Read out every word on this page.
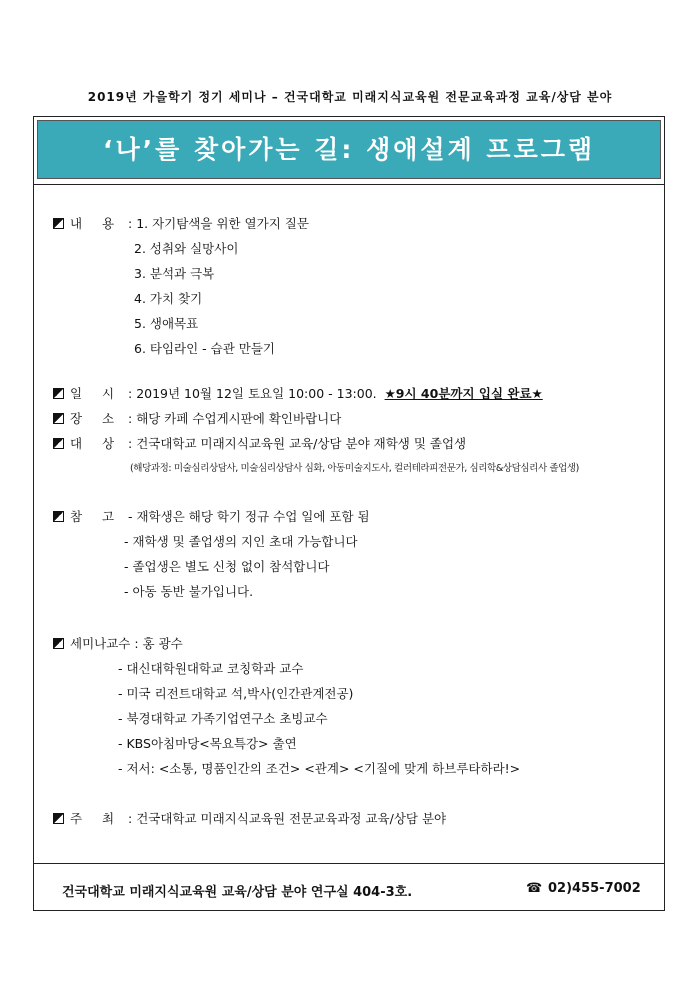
2019년 가을학기 정기 세미나 – 건국대학교 미래지식교육원 전문교육과정 교육/상담 분야
‘나’를 찾아가는 길: 생애설계 프로그램
내 용 : 1. 자기탐색을 위한 열가지 질문
2. 성취와 실망사이
3. 분석과 극복
4. 가치 찾기
5. 생애목표
6. 타임라인 - 습관 만들기
일 시 : 2019년 10월 12일 토요일 10:00 - 13:00. ★9시 40분까지 입실 완료★
장 소 : 해당 카페 수업게시판에 확인바랍니다
대 상 : 건국대학교 미래지식교육원 교육/상담 분야 재학생 및 졸업생
(해당과정: 미술심리상담사, 미술심리상담사 심화, 아동미술지도사, 컬러테라피전문가, 심리학&상담심리사 졸업생)
참 고 - 재학생은 해당 학기 정규 수업 일에 포함 됨
- 재학생 및 졸업생의 지인 초대 가능합니다
- 졸업생은 별도 신청 없이 참석합니다
- 아동 동반 불가입니다.
세미나교수 : 홍 광수
- 대신대학원대학교 코칭학과 교수
- 미국 리전트대학교 석,박사(인간관계전공)
- 북경대학교 가족기업연구소 초빙교수
- KBS아침마당<목요특강> 출연
- 저서: <소통, 명품인간의 조건> <관계> <기질에 맞게 하브루타하라!>
주 최 : 건국대학교 미래지식교육원 전문교육과정 교육/상담 분야
건국대학교 미래지식교육원 교육/상담 분야 연구실 404-3호.	☎ 02)455-7002
